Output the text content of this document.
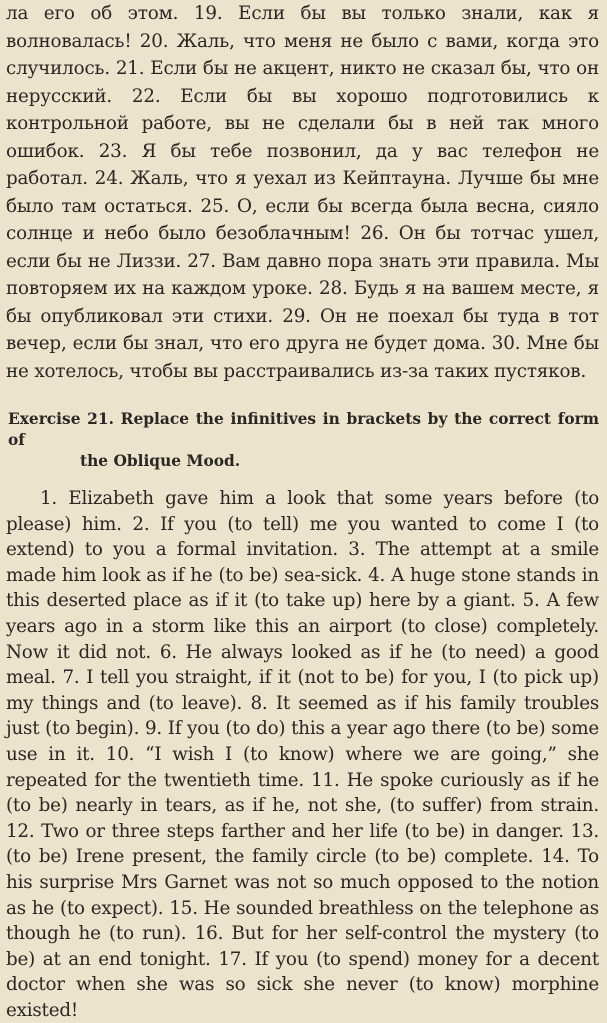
ла его об этом. 19. Если бы вы только знали, как я волновалась! 20. Жаль, что меня не было с вами, когда это случилось. 21. Если бы не акцент, никто не сказал бы, что он нерусский. 22. Если бы вы хорошо подготовились к контрольной работе, вы не сделали бы в ней так много ошибок. 23. Я бы тебе позвонил, да у вас телефон не работал. 24. Жаль, что я уехал из Кейптауна. Лучше бы мне было там остаться. 25. О, если бы всегда была весна, сияло солнце и небо было безоблачным! 26. Он бы тотчас ушел, если бы не Лиззи. 27. Вам давно пора знать эти правила. Мы повторяем их на каждом уроке. 28. Будь я на вашем месте, я бы опубликовал эти стихи. 29. Он не поехал бы туда в тот вечер, если бы знал, что его друга не будет дома. 30. Мне бы не хотелось, чтобы вы расстраивались из-за таких пустяков.

Exercise 21. Replace the infinitives in brackets by the correct form of
the Oblique Mood.

1. Elizabeth gave him a look that some years before (to please) him. 2. If you (to tell) me you wanted to come I (to extend) to you a formal invitation. 3. The attempt at a smile made him look as if he (to be) sea-sick. 4. A huge stone stands in this deserted place as if it (to take up) here by a giant. 5. A few years ago in a storm like this an airport (to close) completely. Now it did not. 6. He always looked as if he (to need) a good meal. 7. I tell you straight, if it (not to be) for you, I (to pick up) my things and (to leave). 8. It seemed as if his family troubles just (to begin). 9. If you (to do) this a year ago there (to be) some use in it. 10. “I wish I (to know) where we are going,” she repeated for the twentieth time. 11. He spoke curiously as if he (to be) nearly in tears, as if he, not she, (to suffer) from strain. 12. Two or three steps farther and her life (to be) in danger. 13. (to be) Irene present, the family circle (to be) complete. 14. To his surprise Mrs Garnet was not so much opposed to the notion as he (to expect). 15. He sounded breathless on the telephone as though he (to run). 16. But for her self-control the mystery (to be) at an end tonight. 17. If you (to spend) money for a decent doctor when she was so sick she never (to know) morphine existed!
